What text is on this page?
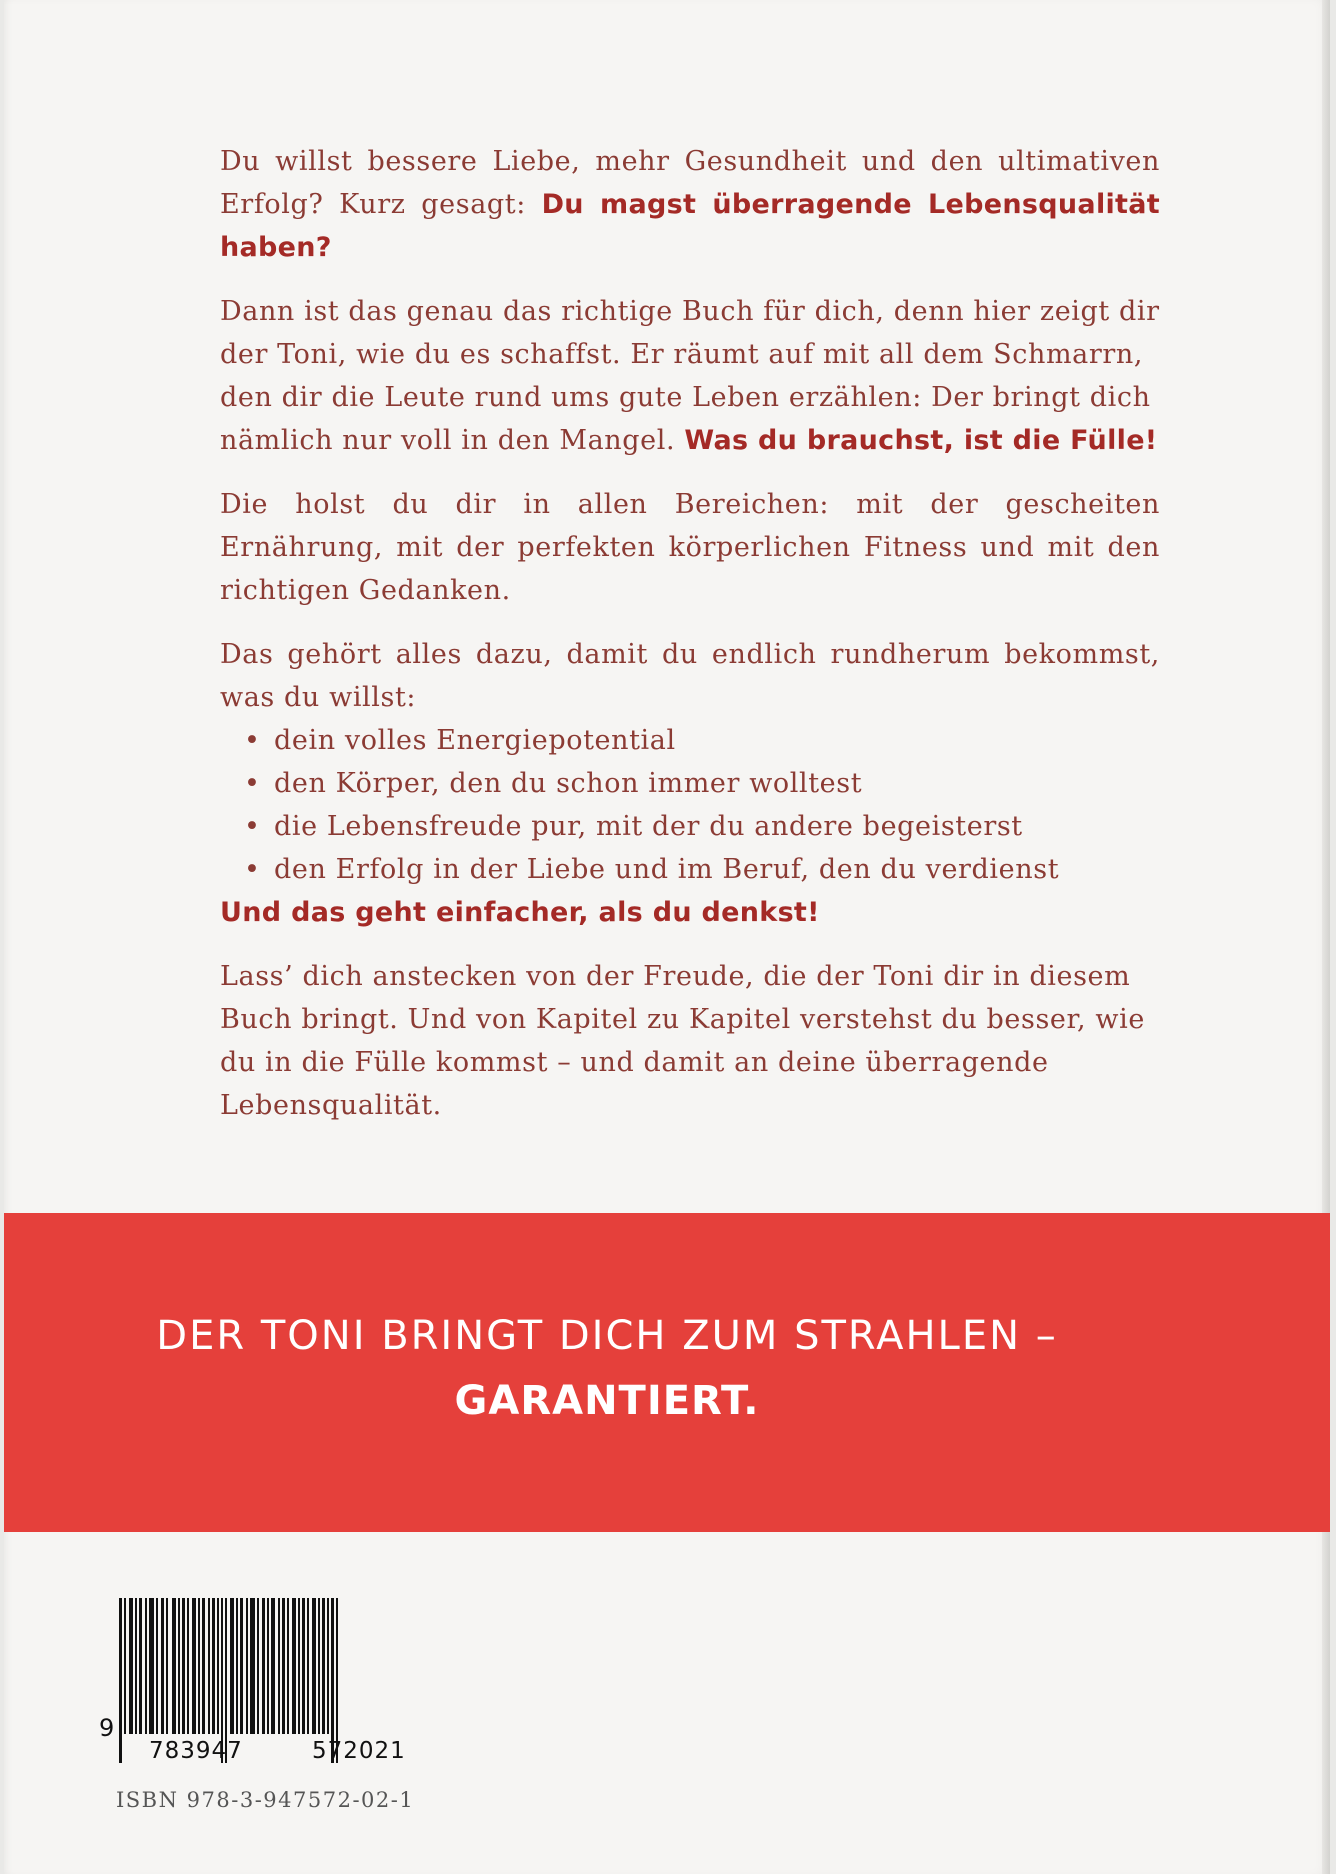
Du willst bessere Liebe, mehr Gesundheit und den ultimativen Erfolg? Kurz gesagt: Du magst überragende Lebensqualität haben?

Dann ist das genau das richtige Buch für dich, denn hier zeigt dir der Toni, wie du es schaffst. Er räumt auf mit all dem Schmarrn, den dir die Leute rund ums gute Leben erzählen: Der bringt dich nämlich nur voll in den Mangel. Was du brauchst, ist die Fülle!

Die holst du dir in allen Bereichen: mit der gescheiten Ernährung, mit der perfekten körperlichen Fitness und mit den richtigen Gedanken.

Das gehört alles dazu, damit du endlich rundherum bekommst, was du willst:

• dein volles Energiepotential
• den Körper, den du schon immer wolltest
• die Lebensfreude pur, mit der du andere begeisterst
• den Erfolg in der Liebe und im Beruf, den du verdienst

Und das geht einfacher, als du denkst!

Lass’ dich anstecken von der Freude, die der Toni dir in diesem Buch bringt. Und von Kapitel zu Kapitel verstehst du besser, wie du in die Fülle kommst – und damit an deine überragende Lebensqualität.

DER TONI BRINGT DICH ZUM STRAHLEN –
GARANTIERT.
9
783947	572021
ISBN 978-3-947572-02-1
